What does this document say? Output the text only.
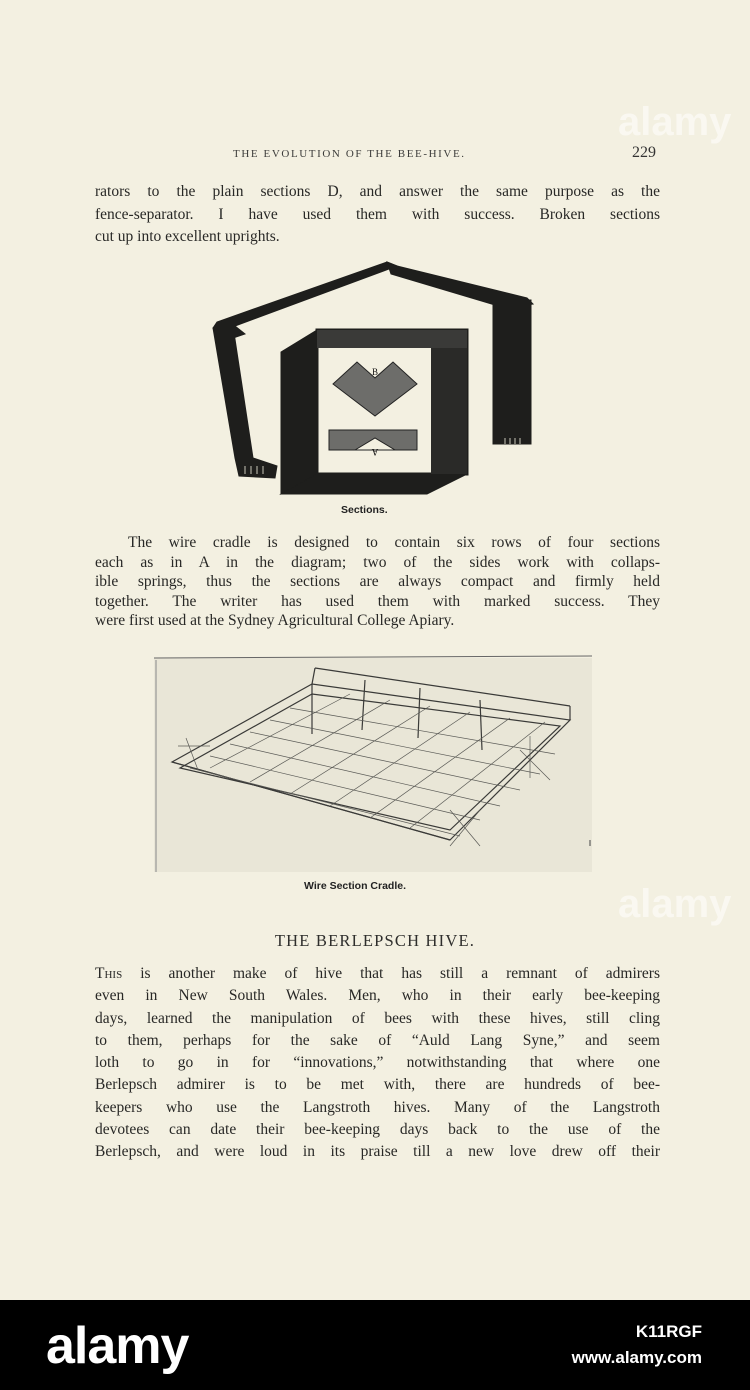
alamy
alamy
THE EVOLUTION OF THE BEE-HIVE.	229
rators to the plain sections D, and answer the same purpose as the
fence-separator. I have used them with success. Broken sections
cut up into excellent uprights.
B
A
Sections.
The wire cradle is designed to contain six rows of four sections
each as in A in the diagram; two of the sides work with collaps-
ible springs, thus the sections are always compact and firmly held
together. The writer has used them with marked success. They
were first used at the Sydney Agricultural College Apiary.
Wire Section Cradle.
THE BERLEPSCH HIVE.
This is another make of hive that has still a remnant of admirers
even in New South Wales. Men, who in their early bee-keeping
days, learned the manipulation of bees with these hives, still cling
to them, perhaps for the sake of “Auld Lang Syne,” and seem
loth to go in for “innovations,” notwithstanding that where one
Berlepsch admirer is to be met with, there are hundreds of bee-
keepers who use the Langstroth hives. Many of the Langstroth
devotees can date their bee-keeping days back to the use of the
Berlepsch, and were loud in its praise till a new love drew off their
alamy	K11RGF
www.alamy.com
